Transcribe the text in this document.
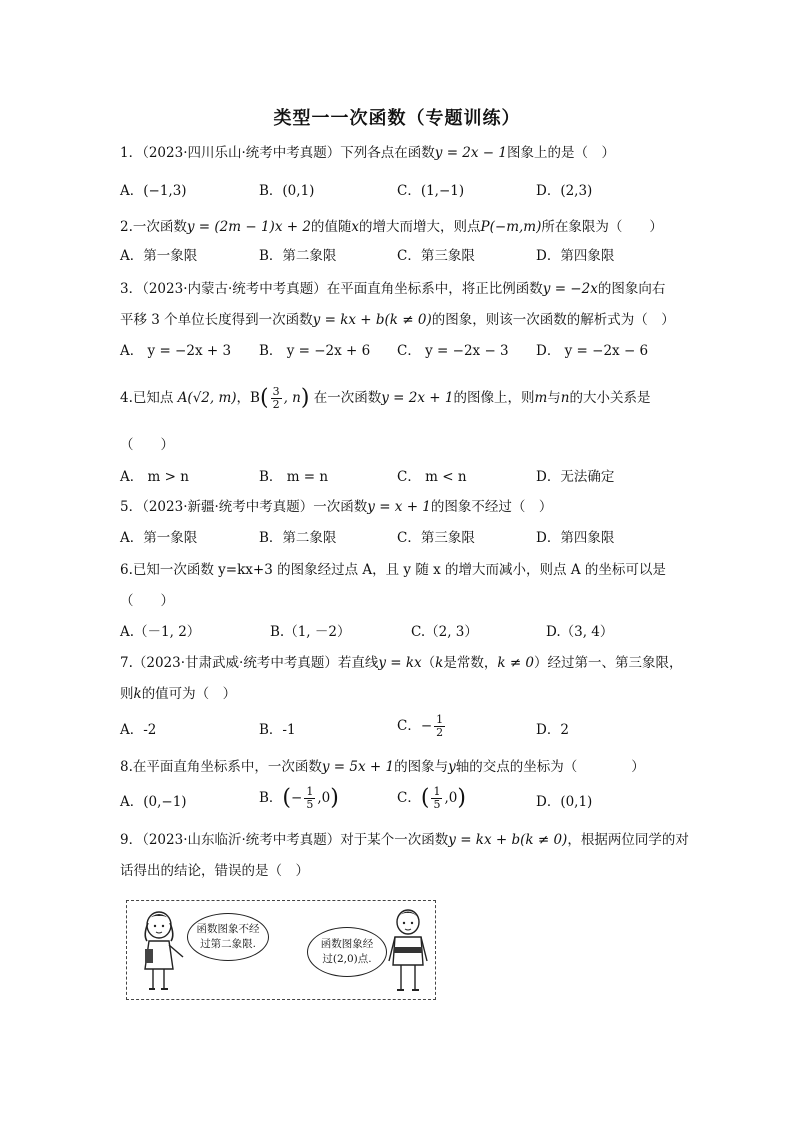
类型一一次函数（专题训练）
1．（2023·四川乐山·统考中考真题）下列各点在函数y = 2x − 1图象上的是（　）
A．(−1,3)	B．(0,1)	C．(1,−1)	D．(2,3)
2.一次函数y = (2m − 1)x + 2的值随x的增大而增大，则点P(−m,m)所在象限为（　　）
A．第一象限	B．第二象限	C．第三象限	D．第四象限
3．（2023·内蒙古·统考中考真题）在平面直角坐标系中，将正比例函数y = −2x的图象向右
平移 3 个单位长度得到一次函数y = kx + b(k ≠ 0)的图象，则该一次函数的解析式为（　）
A． y = −2x + 3 B． y = −2x + 6 C． y = −2x − 3 D． y = −2x − 6
4.已知点 A(√2, m)，$B( \frac{3}{2}$ , n) 在一次函数y = 2x + 1的图像上，则m与n的大小关系是
（　　）
A． m > n	B． m = n	C． m < n	D．无法确定
5．（2023·新疆·统考中考真题）一次函数y = x + 1的图象不经过（　）
A．第一象限	B．第二象限	C．第三象限	D．第四象限
6.已知一次函数 y=kx+3 的图象经过点 A，且 y 随 x 的增大而减小，则点 A 的坐标可以是
（　　）
A.（－1, 2）	B.（1, －2）	C.（2, 3）	D.（3, 4）
7.（2023·甘肃武威·统考中考真题）若直线y = kx（k是常数，k ≠ 0）经过第一、第三象限，
则k的值可为（　）
A．-2	B．-1	C．− $\frac{1}{2}$	D．2
8.在平面直角坐标系中，一次函数y = 5x + 1的图象与y轴的交点的坐标为（　　　　）
A．(0,−1)	B．(− $\frac{1}{5} ,0$)	C．( $\frac{1}{5} ,0$)	D．(0,1)
9．（2023·山东临沂·统考中考真题）对于某个一次函数y = kx + b(k ≠ 0)，根据两位同学的对
话得出的结论，错误的是（　）
函数图象不经
过第二象限.	函数图象经
过(2,0)点.
